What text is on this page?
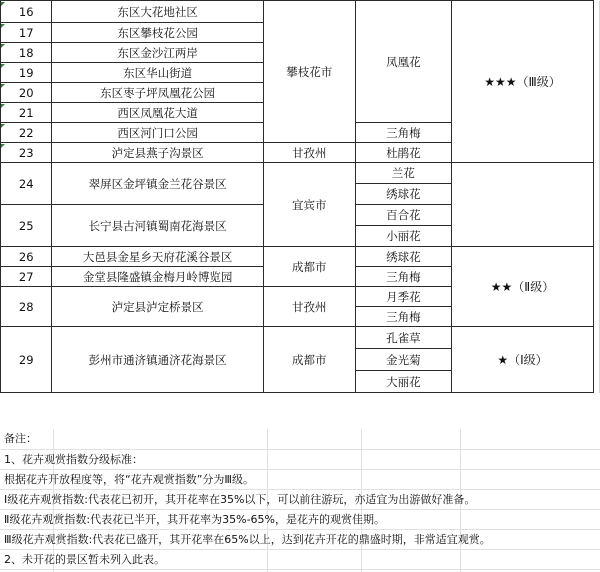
16	东区大花地社区	攀枝花市	凤凰花	★★★（Ⅲ级）	
17	东区攀枝花公园				
18	东区金沙江两岸				
19	东区华山街道				
20	东区枣子坪凤凰花公园				
21	西区凤凰花大道				
22	西区河门口公园		三角梅		
23	泸定县燕子沟景区	甘孜州	杜鹃花		
24	翠屏区金坪镇金兰花谷景区	宜宾市	兰花		
			绣球花		
25	长宁县古河镇蜀南花海景区		百合花		
			小丽花		
26	大邑县金星乡天府花溪谷景区	成都市	绣球花	★★（Ⅱ级）	
27	金堂县隆盛镇金梅月岭博览园		三角梅		
28	泸定县泸定桥景区	甘孜州	月季花		
			三角梅		
29	彭州市通济镇通济花海景区	成都市	孔雀草	★（Ⅰ级）	
			金光菊		
			大丽花		
备注：
1、花卉观赏指数分级标准：
根据花卉开放程度等，将“花卉观赏指数”分为Ⅲ级。
Ⅰ级花卉观赏指数:代表花已初开，其开花率在35%以下，可以前往游玩，亦适宜为出游做好准备。
Ⅱ级花卉观赏指数:代表花已半开，其开花率为35%-65%，是花卉的观赏佳期。
Ⅲ级花卉观赏指数:代表花已盛开，其开花率在65%以上，达到花卉开花的鼎盛时期，非常适宜观赏。
2、未开花的景区暂未列入此表。
